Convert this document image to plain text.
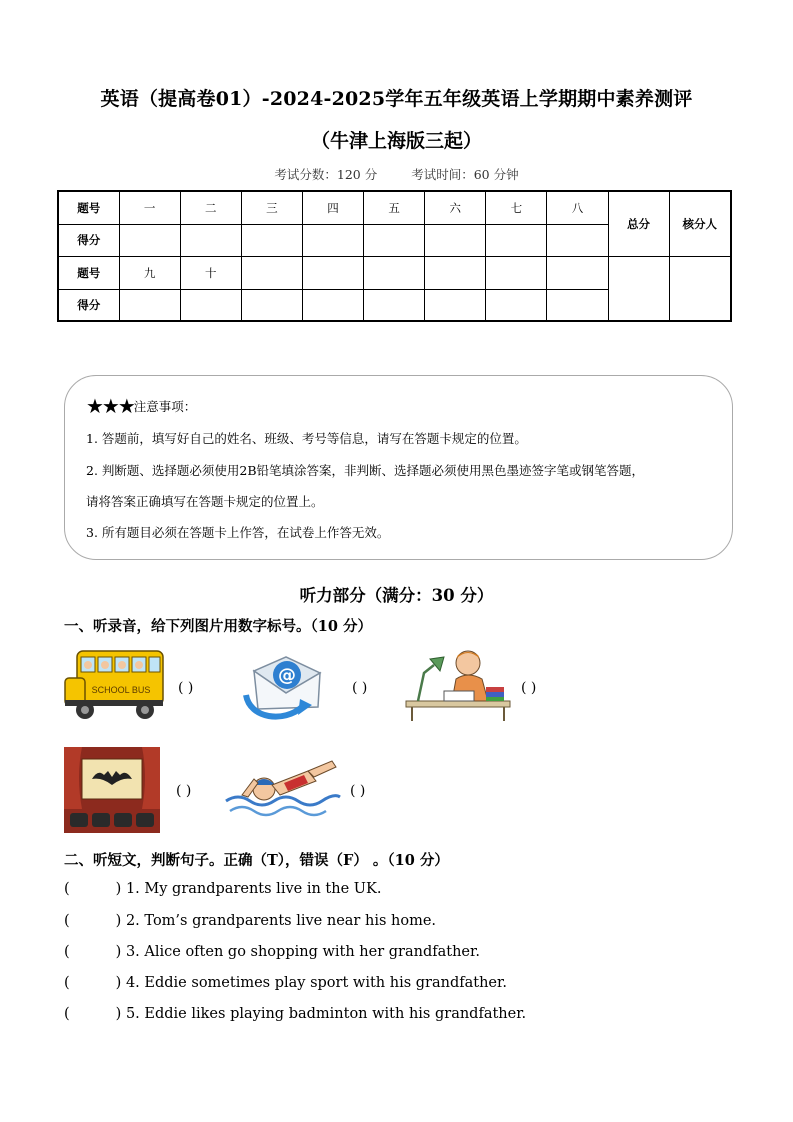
英语（提高卷01）-2024-2025学年五年级英语上学期期中素养测评
（牛津上海版三起）
考试分数：120 分	考试时间：60 分钟
题号	一	二	三	四	五	六	七	八	总分	核分人
得分										
题号	九	十								
得分										
★★★注意事项：
1. 答题前，填写好自己的姓名、班级、考号等信息，请写在答题卡规定的位置。
2. 判断题、选择题必须使用2B铅笔填涂答案，非判断、选择题必须使用黑色墨迹签字笔或钢笔答题，
请将答案正确填写在答题卡规定的位置上。
3. 所有题目必须在答题卡上作答，在试卷上作答无效。
听力部分（满分：30 分）
一、听录音，给下列图片用数字标号。（10 分）
SCHOOL BUS ( )
@
( )	( )
( )	( )
二、听短文，判断句子。正确（T），错误（F） 。（10 分）
(	) 1. My grandparents live in the UK.
(	) 2. Tom’s grandparents live near his home.
(	) 3. Alice often go shopping with her grandfather.
(	) 4. Eddie sometimes play sport with his grandfather.
(	) 5. Eddie likes playing badminton with his grandfather.
